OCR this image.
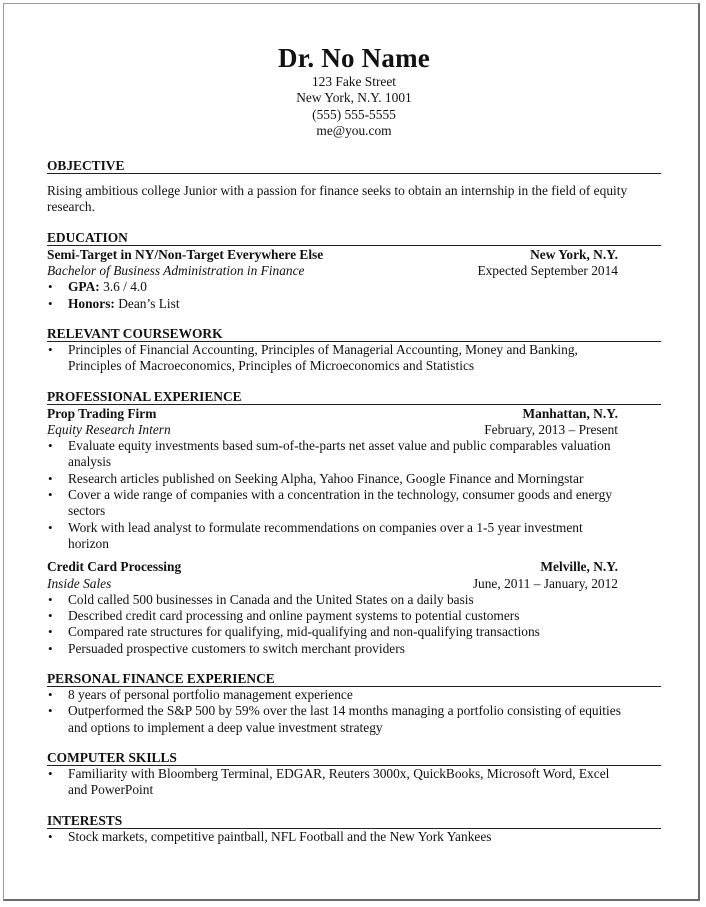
Dr. No Name
123 Fake Street
New York, N.Y. 1001
(555) 555-5555
me@you.com
OBJECTIVE
Rising ambitious college Junior with a passion for finance seeks to obtain an internship in the field of equity research.
EDUCATION
Semi-Target in NY/Non-Target Everywhere Else	New York, N.Y.
Bachelor of Business Administration in Finance	Expected September 2014
• GPA: 3.6 / 4.0
• Honors: Dean’s List
RELEVANT COURSEWORK
• Principles of Financial Accounting, Principles of Managerial Accounting, Money and Banking, Principles of Macroeconomics, Principles of Microeconomics and Statistics
PROFESSIONAL EXPERIENCE
Prop Trading Firm	Manhattan, N.Y.
Equity Research Intern	February, 2013 – Present
• Evaluate equity investments based sum-of-the-parts net asset value and public comparables valuation analysis
• Research articles published on Seeking Alpha, Yahoo Finance, Google Finance and Morningstar
• Cover a wide range of companies with a concentration in the technology, consumer goods and energy sectors
• Work with lead analyst to formulate recommendations on companies over a 1-5 year investment horizon
Credit Card Processing	Melville, N.Y.
Inside Sales	June, 2011 – January, 2012
• Cold called 500 businesses in Canada and the United States on a daily basis
• Described credit card processing and online payment systems to potential customers
• Compared rate structures for qualifying, mid-qualifying and non-qualifying transactions
• Persuaded prospective customers to switch merchant providers
PERSONAL FINANCE EXPERIENCE
• 8 years of personal portfolio management experience
• Outperformed the S&P 500 by 59% over the last 14 months managing a portfolio consisting of equities and options to implement a deep value investment strategy
COMPUTER SKILLS
• Familiarity with Bloomberg Terminal, EDGAR, Reuters 3000x, QuickBooks, Microsoft Word, Excel and PowerPoint
INTERESTS
• Stock markets, competitive paintball, NFL Football and the New York Yankees
